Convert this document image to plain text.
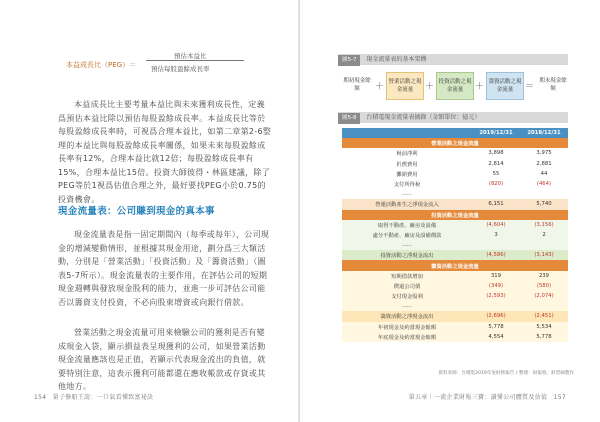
本益成長比（PEG）＝
預估本益比
預估每股盈餘成長率
本益成長比主要考量本益比與未來獲利成長性，定義爲預估本益比除以預估每股盈餘成長率。本益成長比等於每股盈餘成長率時，可視爲合理本益比，如第二章第2-6整理的本益比與每股盈餘成長率關係，如果未來每股盈餘成長率有12%，合理本益比就12倍；每股盈餘成長率有15%，合理本益比15倍。投資大師彼得・林區建議，除了PEG等於1視爲估值合理之外，最好要找PEG小於0.75的投資機會。
現金流量表：公司賺到現金的真本事
現金流量表是指一固定期間內（每季或每年），公司現金的增減變動情形，並根據其現金用途，劃分爲三大類活動，分別是「營業活動」「投資活動」及「籌資活動」（圖表5-7所示）。現金流量表的主要作用，在評估公司的短期現金週轉與發放現金股利的能力，並進一步可評估公司能否以籌資支付投資，不必向股東增資或向銀行借款。
營業活動之現金流量可用來檢驗公司的獲利是否有變成現金入袋，顯示損益表呈現獲利的公司，如果營業活動現金流量應該也是正值，若顯示代表現金流出的負值，就要特別注意，這表示獲利可能都還在應收帳款或存貨或其他地方。
154　量子修船王說：一口氣看懂致富祕訣
圖5-7 現金流量表的基本架構
期初現金餘額	＋ 營業活動之現金流量	＋ 投資活動之現金流量	＋ 籌資活動之現金流量	＝
期末現金餘額
圖5-8 台積電現金流量表摘錄（金額單位：億元）
	2019/12/31	2018/12/31
營業活動之現金流量		
稅前淨利	3,898	3,975
折舊費用	2,814	2,881
攤銷費用	55	44
支付所得稅	(820)	(464)
......		
營運活動產生之淨現金流入	6,151	5,740
投資活動之現金流量		
取得不動產、廠房及設備	(4,604)	(3,156)
處分不動產、廠房及設備價款	3	2
......		
投資活動之淨現金流出	(4,586)	(3,143)
籌資活動之現金流量		
短期借款增加	319	239
償還公司債	(349)	(580)
支付現金股利	(2,593)	(2,074)
......		
籌資活動之淨現金流出	(2,696)	(2,451)
年初現金及約當現金餘額	5,778	5,534
年底現金及約當現金餘額	4,554	5,778
資料來源：台積電2019年度財務報告 / 整理：財報狗、鈔票線製作
第五章｜一流企業財報三寶：讀懂公司體質及估值　157
